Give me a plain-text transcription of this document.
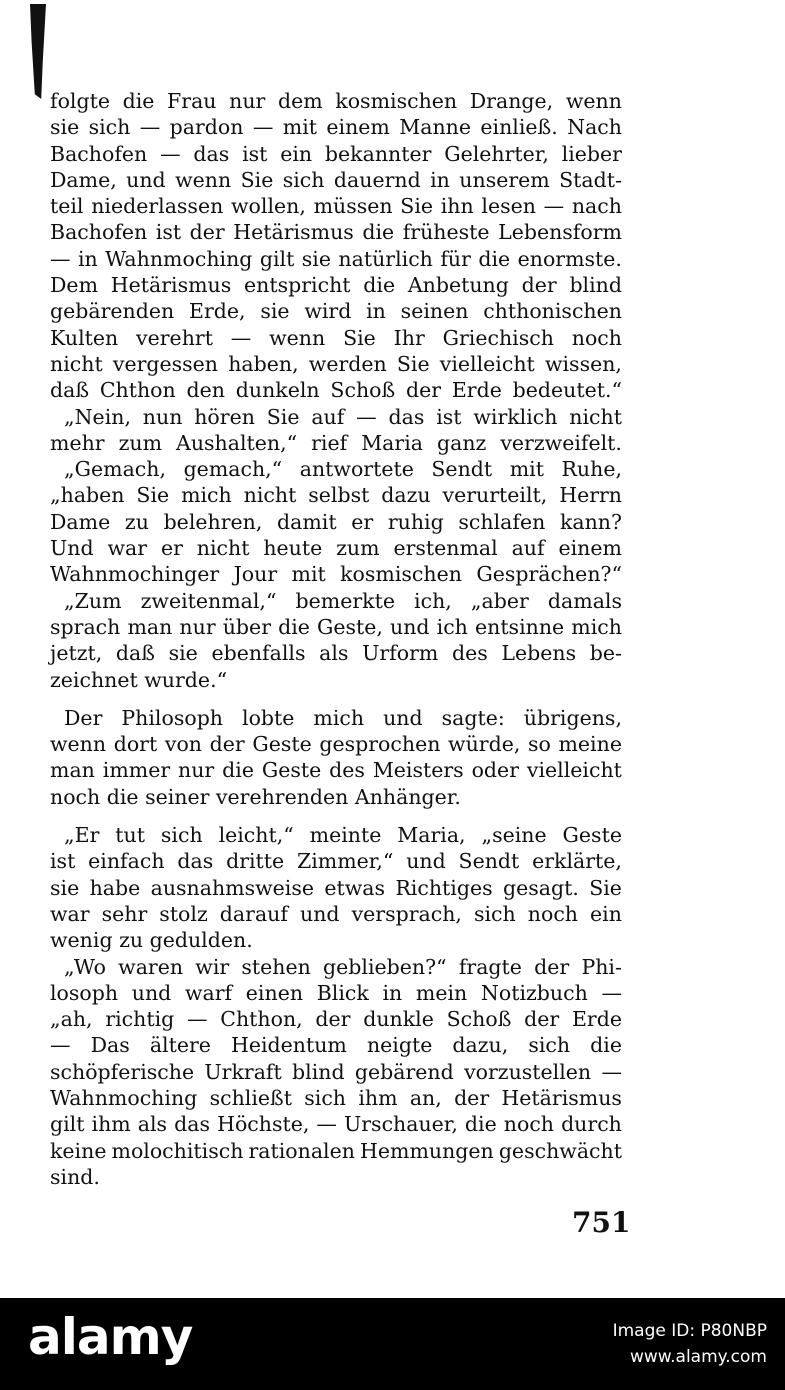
folgte die Frau nur dem kosmischen Drange, wenn
sie sich — pardon — mit einem Manne einließ. Nach
Bachofen — das ist ein bekannter Gelehrter, lieber
Dame, und wenn Sie sich dauernd in unserem Stadt-
teil niederlassen wollen, müssen Sie ihn lesen — nach
Bachofen ist der Hetärismus die früheste Lebensform
— in Wahnmoching gilt sie natürlich für die enormste.
Dem Hetärismus entspricht die Anbetung der blind
gebärenden Erde, sie wird in seinen chthonischen
Kulten verehrt — wenn Sie Ihr Griechisch noch
nicht vergessen haben, werden Sie vielleicht wissen,
daß Chthon den dunkeln Schoß der Erde bedeutet.“
„Nein, nun hören Sie auf — das ist wirklich nicht
mehr zum Aushalten,“ rief Maria ganz verzweifelt.
„Gemach, gemach,“ antwortete Sendt mit Ruhe,
„haben Sie mich nicht selbst dazu verurteilt, Herrn
Dame zu belehren, damit er ruhig schlafen kann?
Und war er nicht heute zum erstenmal auf einem
Wahnmochinger Jour mit kosmischen Gesprächen?“
„Zum zweitenmal,“ bemerkte ich, „aber damals
sprach man nur über die Geste, und ich entsinne mich
jetzt, daß sie ebenfalls als Urform des Lebens be-
zeichnet wurde.“
Der Philosoph lobte mich und sagte: übrigens,
wenn dort von der Geste gesprochen würde, so meine
man immer nur die Geste des Meisters oder vielleicht
noch die seiner verehrenden Anhänger.
„Er tut sich leicht,“ meinte Maria, „seine Geste
ist einfach das dritte Zimmer,“ und Sendt erklärte,
sie habe ausnahmsweise etwas Richtiges gesagt. Sie
war sehr stolz darauf und versprach, sich noch ein
wenig zu gedulden.
„Wo waren wir stehen geblieben?“ fragte der Phi-
losoph und warf einen Blick in mein Notizbuch —
„ah, richtig — Chthon, der dunkle Schoß der Erde
— Das ältere Heidentum neigte dazu, sich die
schöpferische Urkraft blind gebärend vorzustellen —
Wahnmoching schließt sich ihm an, der Hetärismus
gilt ihm als das Höchste, — Urschauer, die noch durch
keine molochitisch rationalen Hemmungen geschwächt
sind.
751
alamy	Image ID: P80NBP
www.alamy.com
